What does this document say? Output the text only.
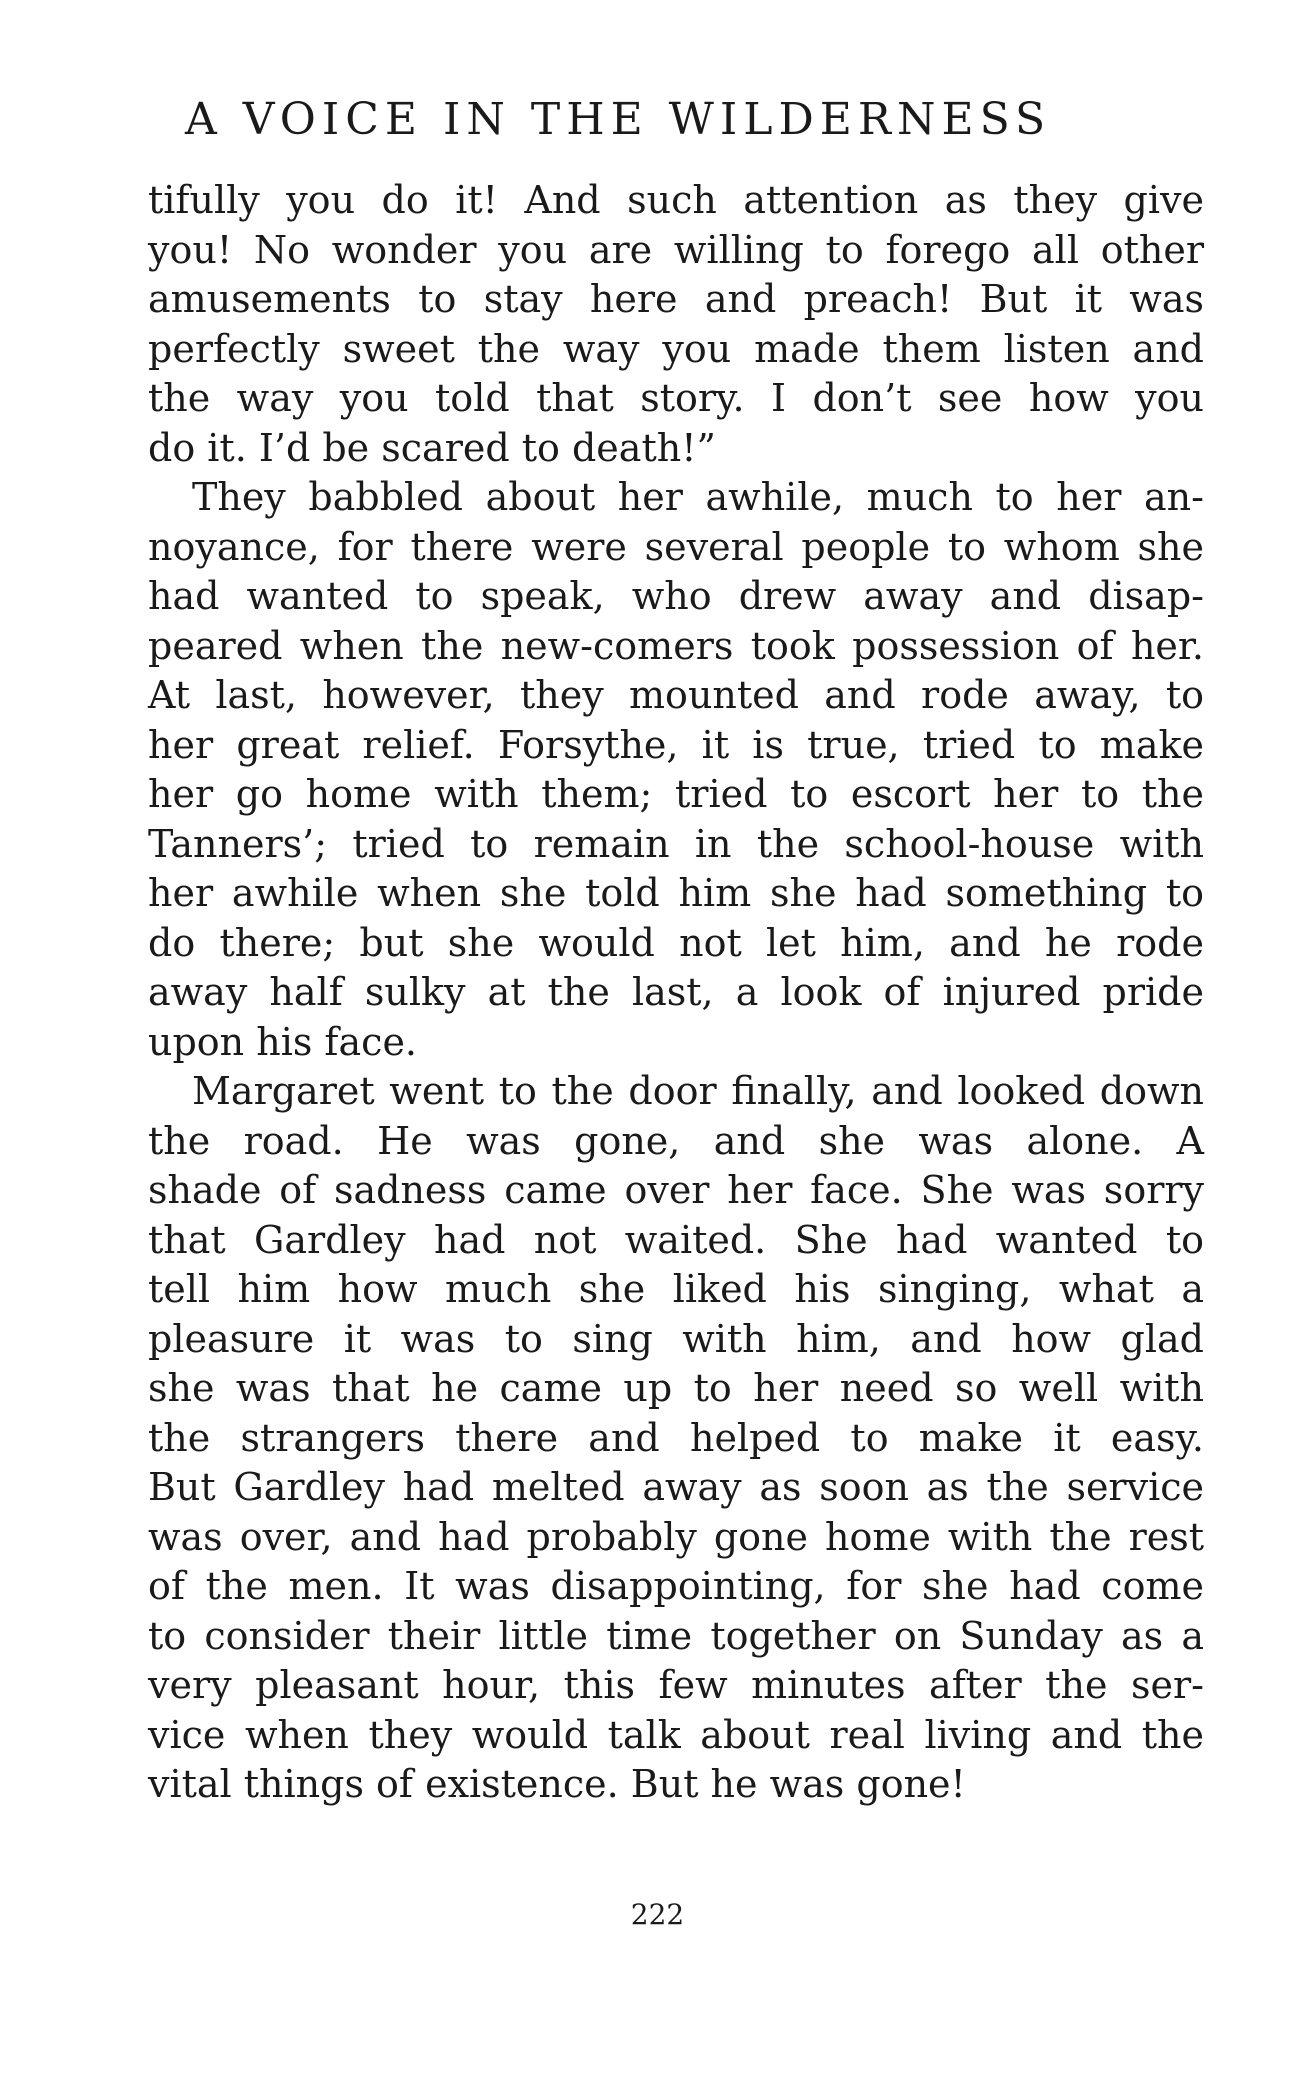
A VOICE IN THE WILDERNESS
tifully you do it! And such attention as they give
you! No wonder you are willing to forego all other
amusements to stay here and preach! But it was
perfectly sweet the way you made them listen and
the way you told that story. I don’t see how you
do it. I’d be scared to death!”
They babbled about her awhile, much to her an-
noyance, for there were several people to whom she
had wanted to speak, who drew away and disap-
peared when the new-comers took possession of her.
At last, however, they mounted and rode away, to
her great relief. Forsythe, it is true, tried to make
her go home with them; tried to escort her to the
Tanners’; tried to remain in the school-house with
her awhile when she told him she had something to
do there; but she would not let him, and he rode
away half sulky at the last, a look of injured pride
upon his face.
Margaret went to the door finally, and looked down
the road. He was gone, and she was alone. A
shade of sadness came over her face. She was sorry
that Gardley had not waited. She had wanted to
tell him how much she liked his singing, what a
pleasure it was to sing with him, and how glad
she was that he came up to her need so well with
the strangers there and helped to make it easy.
But Gardley had melted away as soon as the service
was over, and had probably gone home with the rest
of the men. It was disappointing, for she had come
to consider their little time together on Sunday as a
very pleasant hour, this few minutes after the ser-
vice when they would talk about real living and the
vital things of existence. But he was gone!
222
